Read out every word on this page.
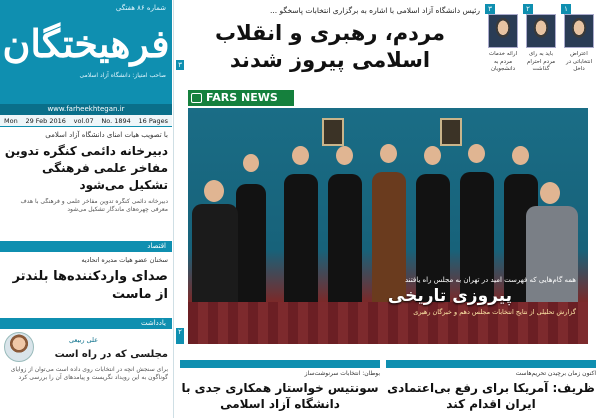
شماره ۸۶ هفتگی
فرهیختگان
صاحب امتیاز: دانشگاه آزاد اسلامی
www.farheekhtegan.ir
Mon 29 Feb 2016 vol.07 No. 1894 16 Pages
با تصویب هیات امنای دانشگاه آزاد اسلامی
دبیرخانه دائمی کنگره تدوین مفاخر علمی فرهنگی تشکیل می‌شود
دبیرخانه دائمی کنگره تدوین مفاخر علمی و فرهنگی با هدف معرفی چهره‌های ماندگار تشکیل می‌شود
اقتصاد
سخنان عضو هیات مدیره اتحادیه
صدای واردکننده‌ها بلندتر از ماست
یادداشت
علی ربیعی
مجلسی که در راه است
برای سنجش آنچه در انتخابات روی داده است می‌توان از زوایای گوناگون به این رویداد نگریست و پیامدهای آن را بررسی کرد
رئیس دانشگاه آزاد اسلامی با اشاره به برگزاری انتخابات پاسخگو ...
مردم، رهبری و انقلاب اسلامی پیروز شدند
۳
۳
ارائه خدمات مردم به دانشجویان
۲
باید به رای مردم احترام گذاشت
۱
اعتراض انتخاباتی در داخل
FARS NEWS
همه گام‌هایی که فهرست امید در تهران به مجلس راه یافتند
پیروزی تاریخی
گزارش تحلیلی از نتایج انتخابات مجلس دهم و خبرگان رهبری
۲
بوطان: انتخابات سرنوشت‌ساز
سونتیس خواستار همکاری جدی با دانشگاه آزاد اسلامی
اکنون زمان برچیدن تحریم‌هاست
ظریف: آمریکا برای رفع بی‌اعتمادی ایران اقدام کند
